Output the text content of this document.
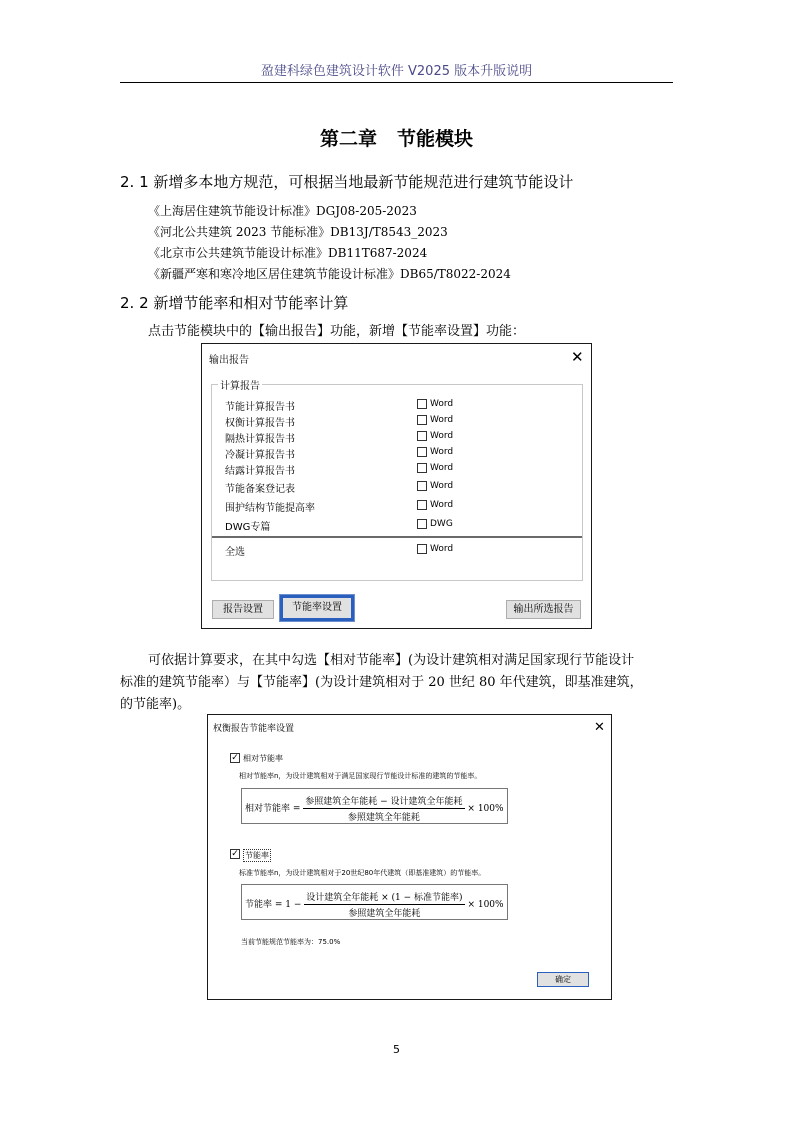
盈建科绿色建筑设计软件 V2025 版本升版说明
第二章 节能模块
2. 1 新增多本地方规范，可根据当地最新节能规范进行建筑节能设计
《上海居住建筑节能设计标准》DGJ08-205-2023
《河北公共建筑 2023 节能标准》DB13J/T8543_2023
《北京市公共建筑节能设计标准》DB11T687-2024
《新疆严寒和寒冷地区居住建筑节能设计标准》DB65/T8022-2024
2. 2 新增节能率和相对节能率计算
点击节能模块中的【输出报告】功能，新增【节能率设置】功能：
输出报告	✕
计算报告
节能计算报告书	Word
权衡计算报告书	Word
隔热计算报告书	Word
冷凝计算报告书	Word
结露计算报告书	Word
节能备案登记表	Word
围护结构节能提高率	Word
DWG专篇	DWG
全选	Word
报告设置	节能率设置	输出所选报告
可依据计算要求，在其中勾选【相对节能率】(为设计建筑相对满足国家现行节能设计
标准的建筑节能率）与【节能率】(为设计建筑相对于 20 世纪 80 年代建筑，即基准建筑，
的节能率)。
权衡报告节能率设置	✕
✓ 相对节能率
相对节能率n，为设计建筑相对于满足国家现行节能设计标准的建筑的节能率。
相对节能率 = $\frac{\text{参照建筑全年能耗 − 设计建筑全年能耗}}{\text{参照建筑全年能耗}} \times 100\%$
✓ 节能率
标准节能率n，为设计建筑相对于20世纪80年代建筑（即基准建筑）的节能率。
节能率 = $1 - \frac{\text{设计建筑全年能耗 × (1 − 标准节能率)}}{\text{参照建筑全年能耗}} \times 100\%$
当前节能规范节能率为：75.0%
确定
5
